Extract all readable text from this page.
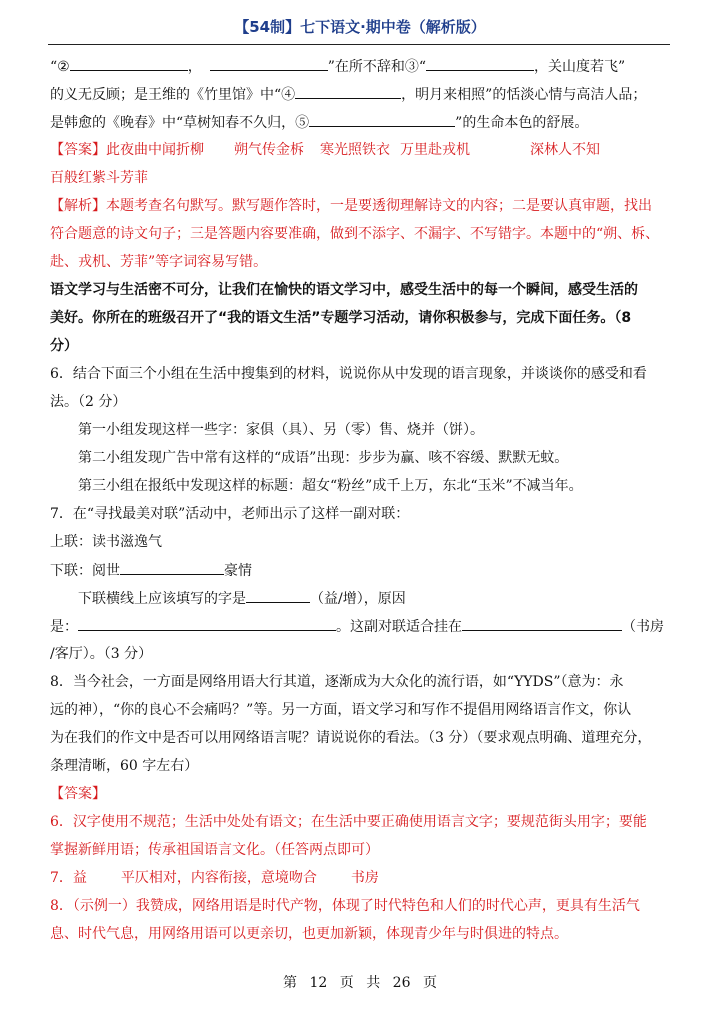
【54制】七下语文·期中卷（解析版）
“②	，	”在所不辞和③“	，关山度若飞”
的义无反顾；是王维的《竹里馆》中“④	，明月来相照”的恬淡心情与高洁人品；
是韩愈的《晚春》中“草树知春不久归，⑤	”的生命本色的舒展。
【答案】此夜曲中闻折柳 朔气传金柝 寒光照铁衣 万里赴戎机	深林人不知
百般红紫斗芳菲
【解析】本题考查名句默写。默写题作答时，一是要透彻理解诗文的内容；二是要认真审题，找出
符合题意的诗文句子；三是答题内容要准确，做到不添字、不漏字、不写错字。本题中的“朔、柝、
赴、戎机、芳菲”等字词容易写错。
语文学习与生活密不可分，让我们在愉快的语文学习中，感受生活中的每一个瞬间，感受生活的
美好。你所在的班级召开了“我的语文生活”专题学习活动，请你积极参与，完成下面任务。（8
分）
6．结合下面三个小组在生活中搜集到的材料，说说你从中发现的语言现象，并谈谈你的感受和看
法。（2 分）
第一小组发现这样一些字：家俱（具）、另（零）售、烧并（饼）。
第二小组发现广告中常有这样的“成语”出现：步步为赢、咳不容缓、默默无蚊。
第三小组在报纸中发现这样的标题：超女“粉丝”成千上万，东北“玉米”不减当年。
7．在“寻找最美对联”活动中，老师出示了这样一副对联：
上联：读书滋逸气
下联：阅世	豪情
下联横线上应该填写的字是	（益/增），原因
是：	。这副对联适合挂在	（书房
/客厅）。（3 分）
8．当今社会，一方面是网络用语大行其道，逐渐成为大众化的流行语，如“YYDS”（意为：永
远的神），“你的良心不会痛吗？”等。另一方面，语文学习和写作不提倡用网络语言作文，你认
为在我们的作文中是否可以用网络语言呢？请说说你的看法。（3 分）（要求观点明确、道理充分，
条理清晰，60 字左右）
【答案】
6．汉字使用不规范；生活中处处有语文；在生活中要正确使用语言文字；要规范街头用字；要能
掌握新鲜用语；传承祖国语言文化。（任答两点即可）
7．益 平仄相对，内容衔接，意境吻合 书房
8．（示例一）我赞成，网络用语是时代产物，体现了时代特色和人们的时代心声，更具有生活气
息、时代气息，用网络用语可以更亲切，也更加新颖，体现青少年与时俱进的特点。
第 12 页 共 26 页
